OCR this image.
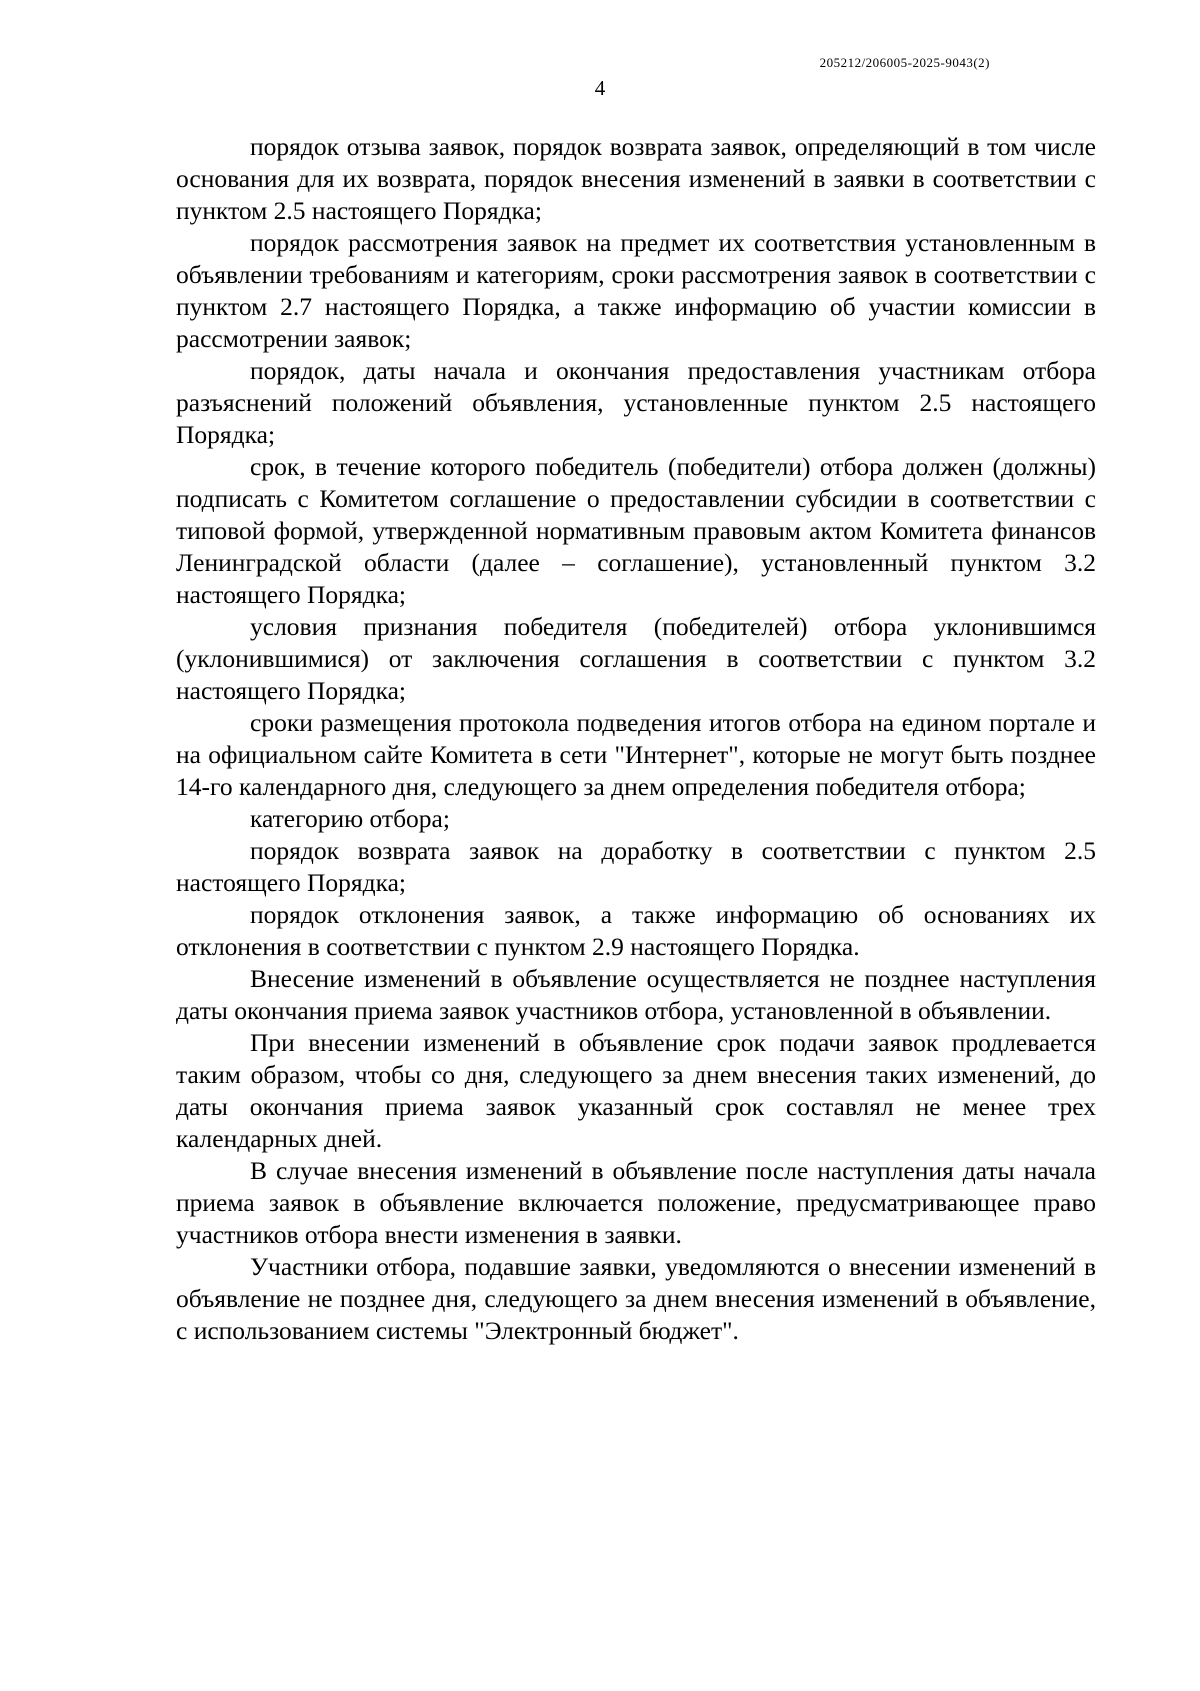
205212/206005-2025-9043(2)
4

порядок отзыва заявок, порядок возврата заявок, определяющий в том числе основания для их возврата, порядок внесения изменений в заявки в соответствии с пунктом 2.5 настоящего Порядка;

порядок рассмотрения заявок на предмет их соответствия установленным в объявлении требованиям и категориям, сроки рассмотрения заявок в соответствии с пунктом 2.7 настоящего Порядка, а также информацию об участии комиссии в рассмотрении заявок;

порядок, даты начала и окончания предоставления участникам отбора разъяснений положений объявления, установленные пунктом 2.5 настоящего Порядка;

срок, в течение которого победитель (победители) отбора должен (должны) подписать с Комитетом соглашение о предоставлении субсидии в соответствии с типовой формой, утвержденной нормативным правовым актом Комитета финансов Ленинградской области (далее – соглашение), установленный пунктом 3.2 настоящего Порядка;

условия признания победителя (победителей) отбора уклонившимся (уклонившимися) от заключения соглашения в соответствии с пунктом 3.2 настоящего Порядка;

сроки размещения протокола подведения итогов отбора на едином портале и на официальном сайте Комитета в сети "Интернет", которые не могут быть позднее 14-го календарного дня, следующего за днем определения победителя отбора;

категорию отбора;

порядок возврата заявок на доработку в соответствии с пунктом 2.5 настоящего Порядка;

порядок отклонения заявок, а также информацию об основаниях их отклонения в соответствии с пунктом 2.9 настоящего Порядка.

Внесение изменений в объявление осуществляется не позднее наступления даты окончания приема заявок участников отбора, установленной в объявлении.

При внесении изменений в объявление срок подачи заявок продлевается таким образом, чтобы со дня, следующего за днем внесения таких изменений, до даты окончания приема заявок указанный срок составлял не менее трех календарных дней.

В случае внесения изменений в объявление после наступления даты начала приема заявок в объявление включается положение, предусматривающее право участников отбора внести изменения в заявки.

Участники отбора, подавшие заявки, уведомляются о внесении изменений в объявление не позднее дня, следующего за днем внесения изменений в объявление, с использованием системы "Электронный бюджет".
